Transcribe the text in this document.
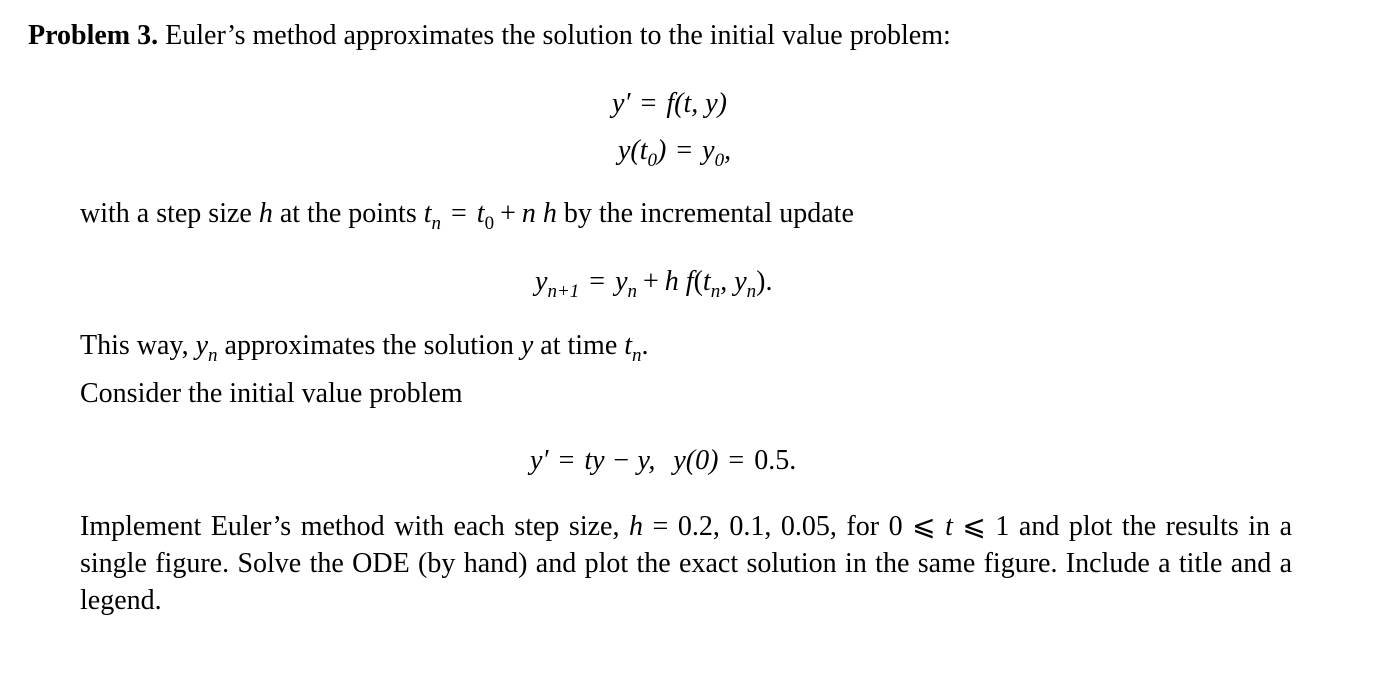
Problem 3. Euler’s method approximates the solution to the initial value problem:
y′ = f(t, y)
$y(t_0) = y_0$,
with a step size h at the points $t_n = t_0 + n$ h by the incremental update
$y_{n+1} = y_n + h$ $f(t_n$, $y_n$).
This way, $y_n$ approximates the solution y at time $t_n$.
Consider the initial value problem
y′ = ty − y, y(0) = 0.5.
Implement Euler’s method with each step size, h = 0.2, 0.1, 0.05, for 0 ⩽ t ⩽ 1 and plot the results in a single figure. Solve the ODE (by hand) and plot the exact solution in the same figure. Include a title and a legend.
